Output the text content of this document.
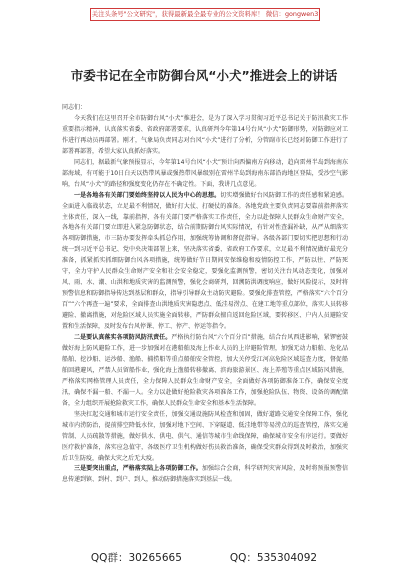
关注头条号"公文研究"，获得最新最全最专业的公文资料库！ 微信：gongwen3
市委书记在全市防御台风“小犬”推进会上的讲话

同志们：

今天我们在这里召开全市防御台风“小犬”推进会，是为了深入学习贯彻习近平总书记关于防汛救灾工作重要指示精神，认真落实省委、省政府部署要求，认真研判今年第14号台风“小犬”防御形势，对防御应对工作进行再动员再部署。刚才，气象局负责同志对台风“小犬”进行了分析，分管副市长已经对防御工作进行了部署再部署，希望大家认真抓好落实。

同志们，据最新气象预报显示，今年第14号台风“小犬”预计向西偏南方向移动，趋向雷州半岛到海南东部海域，有可能于10日白天以热带风暴或强热带风暴级别在雷州半岛到海南东部沿海地区登陆，受沙空气影响，台风“小犬”的路径和强度变化仍存在不确定性。下面，我讲几点意见。

一是各地各有关部门要始终坚持以人民为中心的思想。切实增强做好台风防御工作的责任感和紧迫感。全面进入临战状态，立足最不利情况，做好打大仗、打硬仗的准备。各地党政主要负责同志要靠前指挥落实主体责任，深入一线，靠前指挥，各有关部门要严格落实工作责任，全力以赴保障人民群众生命财产安全，各地各有关部门要立即进入紧急防御状态，结合前期防御台风实际情况，有针对性查漏补缺，从严从细落实各项防御措施，市三防办要发挥牵头抓总作用，加强统筹协调和督促指导。各级各部门要切实把思想和行动统一到习近平总书记、党中央决策部署上来，坚决落实省委、省政府工作要求，立足最不利情况做好最充分准备，抓紧抓实抓细防御台风各项措施，统筹做好节日期间安保维稳和疫情防控工作，严防以往、严防死守，全力守护人民群众生命财产安全和社会安全稳定，要强化监测预警，密切关注台风动态变化，加强对风、雨、水、潮、山洪和地质灾害的监测预警，强化会商研判，回溯防洪调度响应，做好风险提示，及时将预警信息和防御指导传达到基层和群众，指导引导群众主动防灾避险。要强化排查管控，严格落实“六个百分百”“六个再查一遍”要求，全面排查山洪地质灾害隐患点、低洼易涝点、在建工地等重点部位，落实人员转移避险、撤离措施，对危险区域人员实施全面转移，严防群众擅自返回危险区域，要转移区、户内人员避险安置和生活保障，及时发布台风停课、停工、停产、停运等指令。

二是要认真落实各项防风防汛责任。严格执行防台风“六个百分百”措施，结合台风西进影响，紧锣密鼓做好海上防风避险工作，进一步加强对在港船舶及海上作业人员的上岸避险管理，加强无动力船舶、危化品船舶、挖沙船、运沙船、渔船、捕捞船等重点船舶安全管控，加大关停受江河高危险区域巡查力度，督促船舶回港避风，严禁人员留船作业，强化海上渔船转移撤离、滨海旅游景区、海上养殖等重点区域防风措施，严格落实网格管理人员责任，全力保障人民群众生命财产安全，全面做好各项防御准备工作，确保安全度汛，确保不漏一船、不漏一人。全力以赴做好抢险救灾各项准备工作，加强抢险队伍、物资、设备的调配储备，全力组织开展抢险救灾工作，确保人民群众生命安全和基本生活保障。

坚决扛起交通和城市运行安全责任，加强交通设施防风检查和加固，做好道路交通安全保障工作，强化城市内涝防治，提前排空降低水位，加强对地下空间、下穿隧道、低洼地带等易涝点的巡查管控，落实交通管制、人员疏散等措施，做好供水、供电、供气、通信等城市生命线保障，确保城市安全有序运行。要做好医疗救护准备，落实应急值守，各级医疗卫生机构做好伤员救治准备，确保受灾群众得到及时救治，加强灾后卫生防疫，确保大灾之后无大疫。

三是要突出重点，严格落实陆上各项防御工作。加强综合会商，科学研判灾害风险，及时将预报预警信息传递到镇、到村、到户、到人，推动防御措施落实到基层一线。

QQ群：30265665	QQ：535304092
